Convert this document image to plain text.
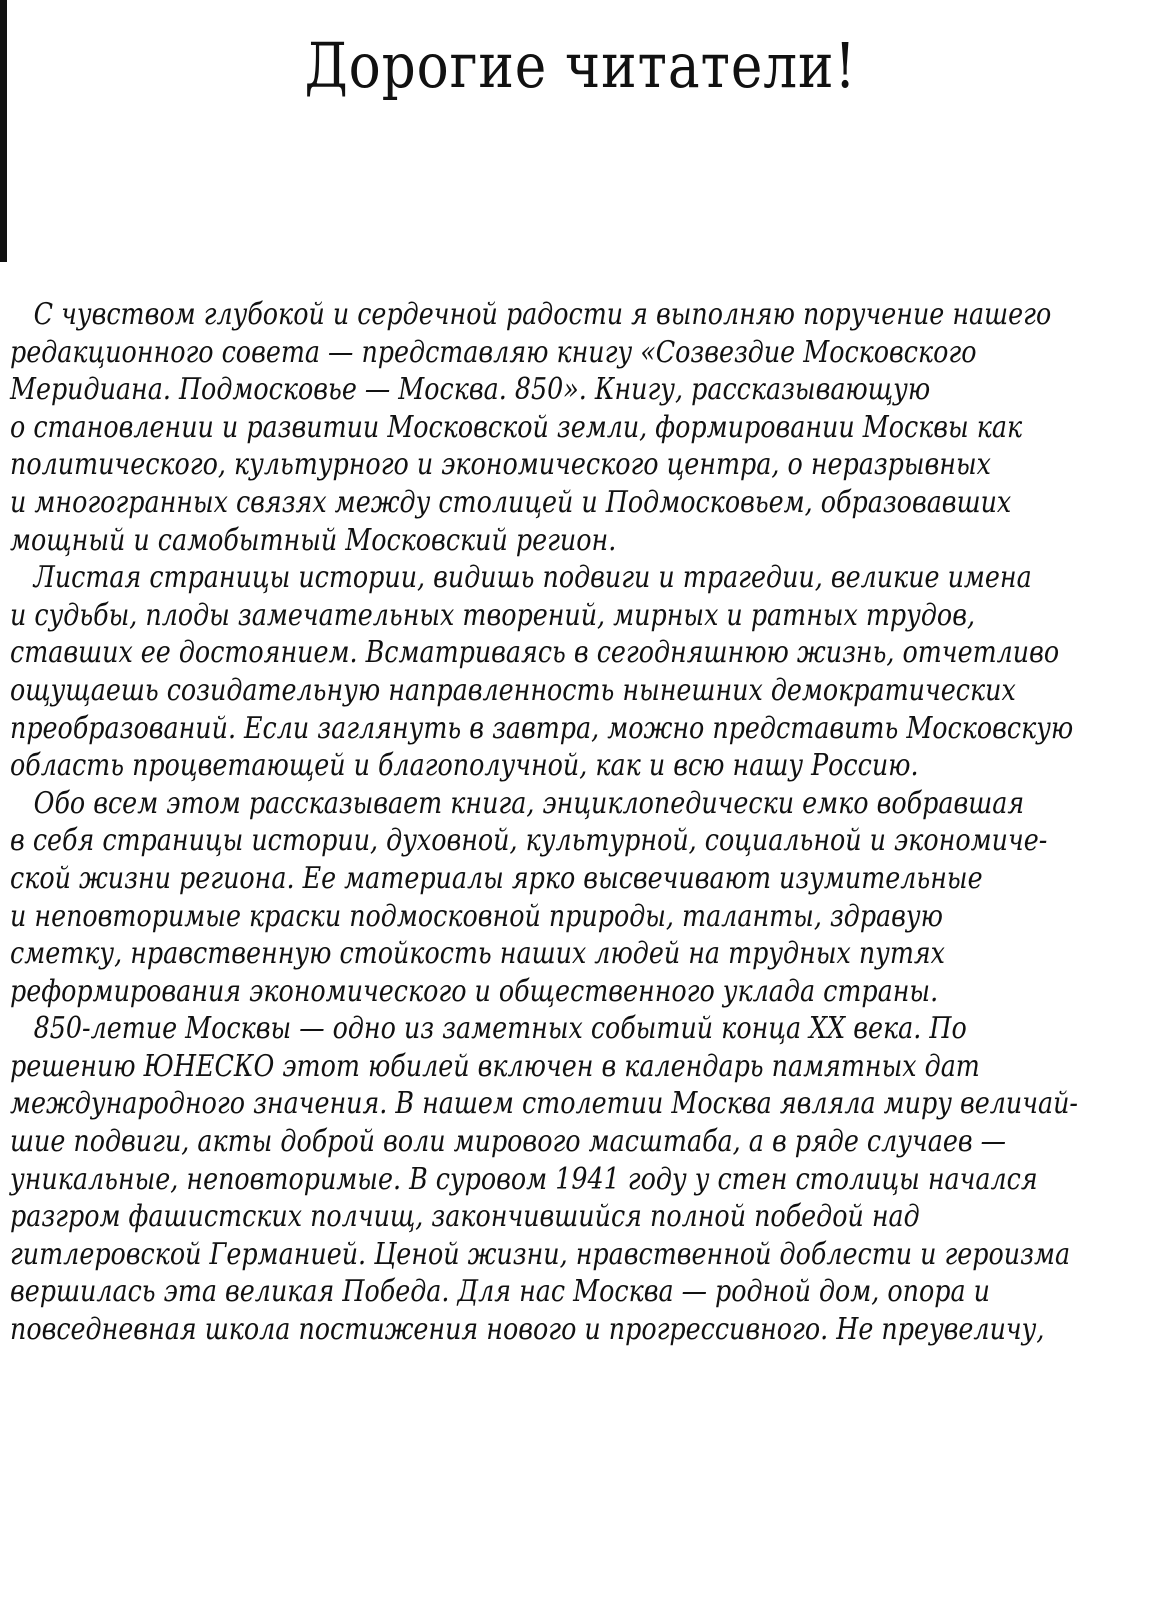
Дорогие читатели!

С чувством глубокой и сердечной радости я выполняю поручение нашего
редакционного совета — представляю книгу «Созвездие Московского
Меридиана. Подмосковье — Москва. 850». Книгу, рассказывающую
о становлении и развитии Московской земли, формировании Москвы как
политического, культурного и экономического центра, о неразрывных
и многогранных связях между столицей и Подмосковьем, образовавших
мощный и самобытный Московский регион.

Листая страницы истории, видишь подвиги и трагедии, великие имена
и судьбы, плоды замечательных творений, мирных и ратных трудов,
ставших ее достоянием. Всматриваясь в сегодняшнюю жизнь, отчетливо
ощущаешь созидательную направленность нынешних демократических
преобразований. Если заглянуть в завтра, можно представить Московскую
область процветающей и благополучной, как и всю нашу Россию.

Обо всем этом рассказывает книга, энциклопедически емко вобравшая
в себя страницы истории, духовной, культурной, социальной и экономиче-
ской жизни региона. Ее материалы ярко высвечивают изумительные
и неповторимые краски подмосковной природы, таланты, здравую
сметку, нравственную стойкость наших людей на трудных путях
реформирования экономического и общественного уклада страны.

850-летие Москвы — одно из заметных событий конца XX века. По
решению ЮНЕСКО этот юбилей включен в календарь памятных дат
международного значения. В нашем столетии Москва являла миру величай-
шие подвиги, акты доброй воли мирового масштаба, а в ряде случаев —
уникальные, неповторимые. В суровом 1941 году у стен столицы начался
разгром фашистских полчищ, закончившийся полной победой над
гитлеровской Германией. Ценой жизни, нравственной доблести и героизма
вершилась эта великая Победа. Для нас Москва — родной дом, опора и
повседневная школа постижения нового и прогрессивного. Не преувеличу,
